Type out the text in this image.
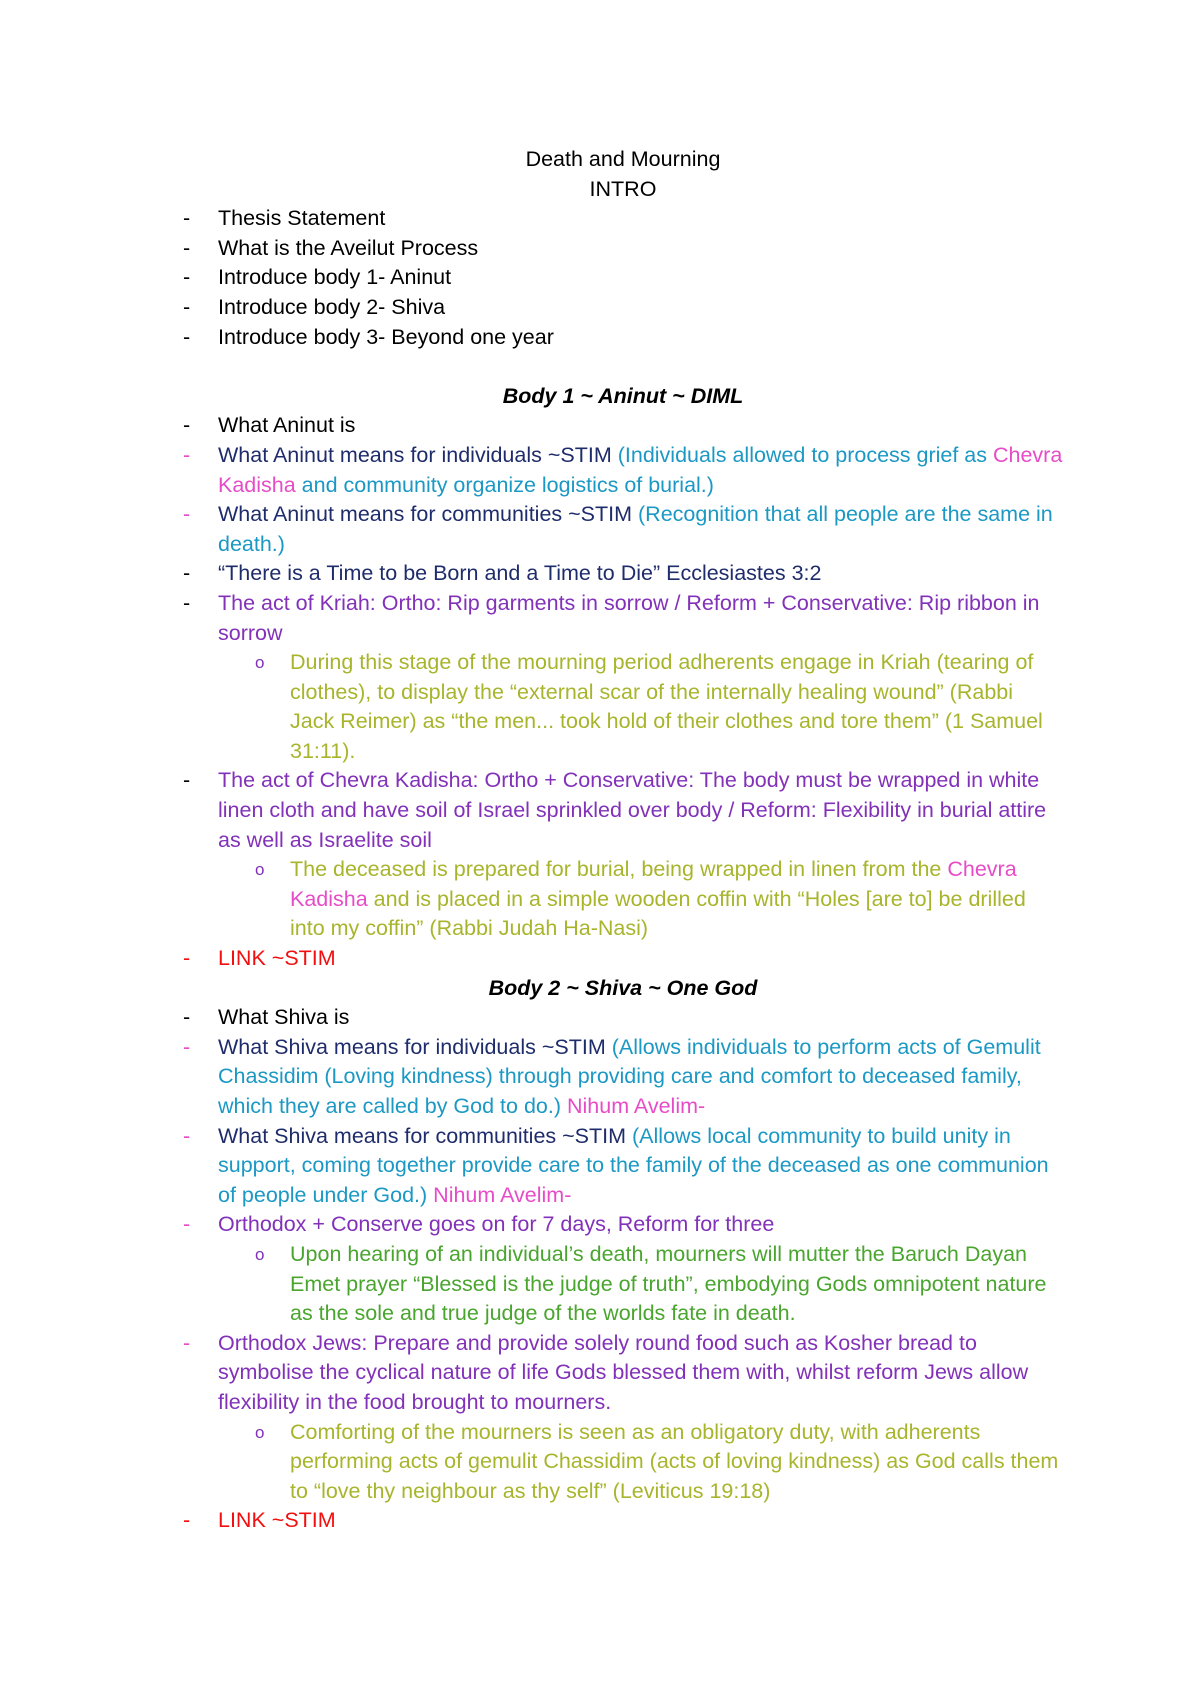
Death and Mourning
INTRO
-	Thesis Statement
-	What is the Aveilut Process
-	Introduce body 1- Aninut
-	Introduce body 2- Shiva
-	Introduce body 3- Beyond one year
Body 1 ~ Aninut ~ DIML
-	What Aninut is
-	What Aninut means for individuals ~STIM (Individuals allowed to process grief as Chevra Kadisha and community organize logistics of burial.)
-	What Aninut means for communities ~STIM (Recognition that all people are the same in death.)
-	“There is a Time to be Born and a Time to Die” Ecclesiastes 3:2
-	The act of Kriah: Ortho: Rip garments in sorrow / Reform + Conservative: Rip ribbon in sorrow
o During this stage of the mourning period adherents engage in Kriah (tearing of clothes), to display the “external scar of the internally healing wound” (Rabbi Jack Reimer) as “the men... took hold of their clothes and tore them” (1 Samuel 31:11).
-	The act of Chevra Kadisha: Ortho + Conservative: The body must be wrapped in white linen cloth and have soil of Israel sprinkled over body / Reform: Flexibility in burial attire as well as Israelite soil
o The deceased is prepared for burial, being wrapped in linen from the Chevra Kadisha and is placed in a simple wooden coffin with “Holes [are to] be drilled into my coffin” (Rabbi Judah Ha-Nasi)
-	LINK ~STIM
Body 2 ~ Shiva ~ One God
-	What Shiva is
-	What Shiva means for individuals ~STIM (Allows individuals to perform acts of Gemulit Chassidim (Loving kindness) through providing care and comfort to deceased family, which they are called by God to do.) Nihum Avelim-
-	What Shiva means for communities ~STIM (Allows local community to build unity in support, coming together provide care to the family of the deceased as one communion of people under God.) Nihum Avelim-
-	Orthodox + Conserve goes on for 7 days, Reform for three
o Upon hearing of an individual’s death, mourners will mutter the Baruch Dayan Emet prayer “Blessed is the judge of truth”, embodying Gods omnipotent nature as the sole and true judge of the worlds fate in death.
-	Orthodox Jews: Prepare and provide solely round food such as Kosher bread to symbolise the cyclical nature of life Gods blessed them with, whilst reform Jews allow flexibility in the food brought to mourners.
o Comforting of the mourners is seen as an obligatory duty, with adherents performing acts of gemulit Chassidim (acts of loving kindness) as God calls them to “love thy neighbour as thy self” (Leviticus 19:18)
-	LINK ~STIM
